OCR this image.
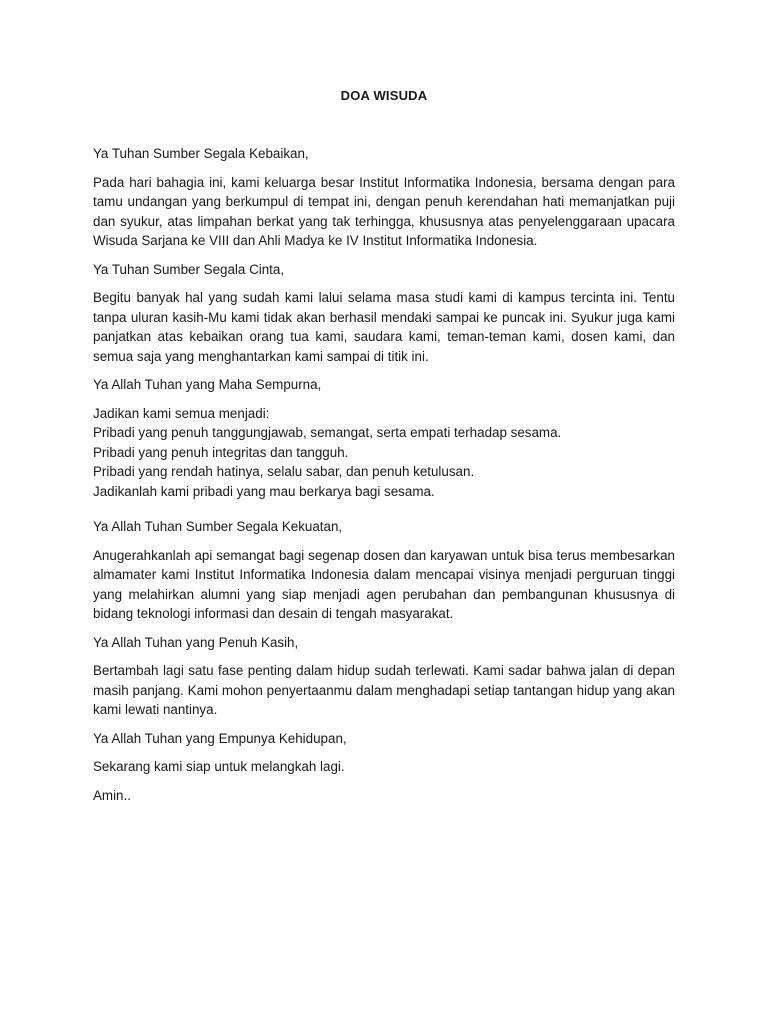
DOA WISUDA

Ya Tuhan Sumber Segala Kebaikan,

Pada hari bahagia ini, kami keluarga besar Institut Informatika Indonesia, bersama dengan para tamu undangan yang berkumpul di tempat ini, dengan penuh kerendahan hati memanjatkan puji dan syukur, atas limpahan berkat yang tak terhingga, khususnya atas penyelenggaraan upacara Wisuda Sarjana ke VIII dan Ahli Madya ke IV Institut Informatika Indonesia.

Ya Tuhan Sumber Segala Cinta,

Begitu banyak hal yang sudah kami lalui selama masa studi kami di kampus tercinta ini. Tentu tanpa uluran kasih-Mu kami tidak akan berhasil mendaki sampai ke puncak ini. Syukur juga kami panjatkan atas kebaikan orang tua kami, saudara kami, teman-teman kami, dosen kami, dan semua saja yang menghantarkan kami sampai di titik ini.

Ya Allah Tuhan yang Maha Sempurna,

Jadikan kami semua menjadi:
Pribadi yang penuh tanggungjawab, semangat, serta empati terhadap sesama.
Pribadi yang penuh integritas dan tangguh.
Pribadi yang rendah hatinya, selalu sabar, dan penuh ketulusan.
Jadikanlah kami pribadi yang mau berkarya bagi sesama.

Ya Allah Tuhan Sumber Segala Kekuatan,

Anugerahkanlah api semangat bagi segenap dosen dan karyawan untuk bisa terus membesarkan almamater kami Institut Informatika Indonesia dalam mencapai visinya menjadi perguruan tinggi yang melahirkan alumni yang siap menjadi agen perubahan dan pembangunan khususnya di bidang teknologi informasi dan desain di tengah masyarakat.

Ya Allah Tuhan yang Penuh Kasih,

Bertambah lagi satu fase penting dalam hidup sudah terlewati. Kami sadar bahwa jalan di depan masih panjang. Kami mohon penyertaanmu dalam menghadapi setiap tantangan hidup yang akan kami lewati nantinya.

Ya Allah Tuhan yang Empunya Kehidupan,

Sekarang kami siap untuk melangkah lagi.

Amin..
